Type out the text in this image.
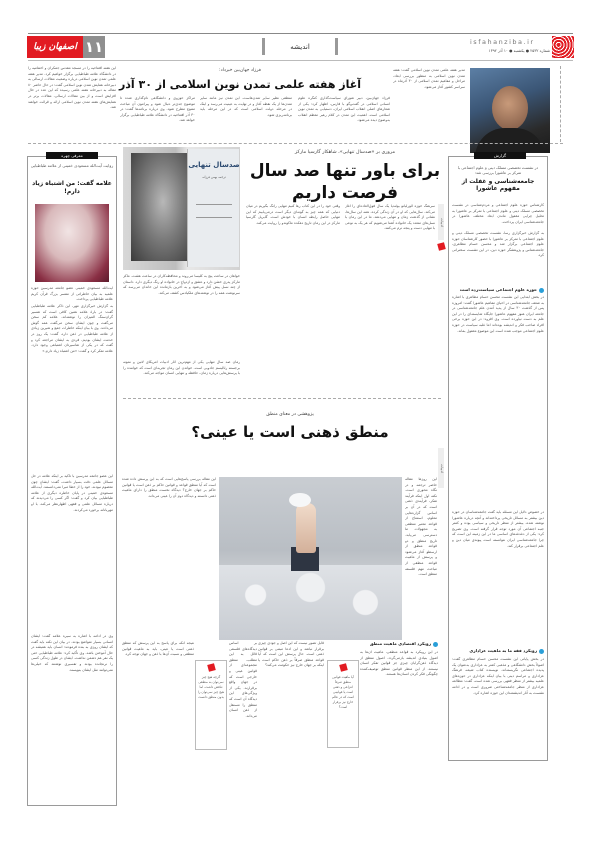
اصفهان زیبا ۱۱	اندیشه
isfahanziba.ir
شماره ۲۵۳۲ ● یکشنبه ● ۱۰ آذر ۱۳۹۲
مدیر هفته علمی تمدن نوین اسلامی گفت: هفته تمدن نوین اسلامی به منظور بررسی ابعاد، مراحل و مفاهیم تمدن اسلامی از ۳۰ آذرماه در سراسر کشور آغاز می‌شود.
فرزاد جهان‌بین خبرداد:
آغاز هفته علمی تمدن نوین اسلامی از ۳۰ آذر
فرزاد جهان‌بین، دبیر شورای سیاست‌گذاری کنگره علوم انسانی اسلامی در گفت‌وگو با فارس، اظهار کرد: یکی از شعارهای اصلی انقلاب اسلامی ایران، دستیابی به تمدن نوین اسلامی است. اهمیت این تمدن در کلام رهبر معظم انقلاب به‌وضوح دیده می‌شود.
منطقی نظیر سایر تمدن‌هاست. این تمدن نیز مانند سایر تمدن‌ها از یک نقطه آغاز و در نهایت به عینیت می‌رسد و اینک در مرحله دولت اسلامی است که در این مرحله باید برنامه‌ریزی شود.
مراکز حوزوی و دانشگاهی نام‌گذاری شده تا موضوع جدی‌تر دنبال شود و پیرامون آن مباحث متنوع مطرح شود. وی درباره برنامه‌ها گفت: در ۳۰ آذر افتتاحیه در دانشگاه علامه طباطبایی برگزار خواهد شد.
این هفته افتتاحیه را در مسجد مقدس جمکران و اختتامیه را در دانشگاه علامه طباطبایی برگزار خواهیم کرد. مدیر هفته علمی تمدن نوین اسلامی درباره وضعیت مقالات ارسالی به دبیرخانه همایش تمدن نوین اسلامی گفت: در حال حاضر ۸۰ مقاله به دبیرخانه هفته علمی رسیده که این عدد در حال افزایش است و از بین مقالات ارسالی، مقالات برتر در همایش‌های هفته تمدن نوین اسلامی ارائه و قرائت خواهند شد.
گزارش
در نشست تخصصی مسلک دینی و علوم اجتماعی با تمرکز بر عاشورا بررسی شد:
جامعه‌شناسی و غفلت از مفهوم عاشورا
کارشناس حوزه علوم اجتماعی و مردم‌شناسی در نشست تخصصی مسلک دینی و علوم اجتماعی با تمرکز بر عاشورا به تحلیل چرایی مغفول ماندن ابعاد مختلف عاشورا در جامعه‌شناسی ایران پرداخت.
به گزارش خبرگزاری رسا، نشست تخصصی مسلک دینی و علوم اجتماعی با تمرکز بر عاشورا با حضور کارشناسان حوزه علوم اجتماعی برگزار شد و محسن حسام مظاهری، جامعه‌شناس و پژوهشگر حوزه دین، در این نشست سخنرانی کرد.
حوزه علوم اجتماعی سیاست‌زده است
در بخش ابتدایی این نشست محسن حسام مظاهری با اشاره به ضعف جامعه‌شناسی در احیای مفاهیم عاشورا گفت: امروزه پس از گذشت ۳۰ سال از پدید آمدن علم جامعه‌شناسی در جامعه ایران هنوز مفهوم عاشورا جایگاه شایسته‌ای را در این علم به دست نیاورده است. وی افزود: در این حوزه برخی افراد صاحب فکر و اندیشه بوده‌اند اما غلبه سیاست در حوزه علوم اجتماعی موجب شده است این موضوع مغفول بماند.
در خصوص دلایل این مسئله باید گفت جامعه‌شناسان در حوزه دین بیشتر به مسائل تاریخی پرداخته‌اند و آنچه درباره عاشورا نوشته شده، بیشتر از منظر تاریخی و سیاسی بوده و کمتر جنبه اجتماعی آن مورد توجه قرار گرفته است. وی تصریح کرد: یکی از دغدغه‌های اساسی ما در این زمینه این است که چرا جامعه‌شناسی ایران نتوانسته است پیوندی میان دین و علم اجتماعی برقرار کند.
رویکرد فقه ما به ماهیت عزاداری
در بخش پایانی این نشست محسن حسام مظاهری گفت: اصولاً بخش دانشگاهی و مذهبی کمتر به عزاداری به‌عنوان یک پدیده اجتماعی نگریسته‌اند. نویسنده کتاب شیعه، فرهنگ عزاداری و مراسم دینی با بیان اینکه عزاداری در حوزه‌های علمیه بیشتر از منظر فقهی بررسی شده است، گفت: مطالعه عزاداری از منظر جامعه‌شناختی ضروری است و در ادامه نشست به آثار اندیشمندان این حوزه اشاره کرد.
مروری بر «صدسال تنهایی»، شاهکار گارسیا مارکز
برای باور تنها صد سال فرصت داریم
ادبیات
سرهنگ خوزه آئورلیانو بوئندیا یک سال فوق‌العاده‌ای را آغاز می‌کند. سال‌هایی که او در آن زندگی کرده، همه این سال‌ها، نشانی از گذشت زمان و تنهایی می‌دهند. ما در این رمان با نسل‌های متعدد یک خانواده آشنا می‌شویم که هر یک به نوعی با تنهایی دست و پنجه نرم می‌کنند.
وقتی خود را در این کتاب رها کنیم تنهایی رانگ بگیریم در میان دنیایی که همه چیز به گونه‌ای دیگر است درمی‌یابیم که این تنهایی حاصل رابطه انسان با خودش است. گابریل گارسیا مارکز در این رمان تاریخ دهکده ماکوندو را روایت می‌کند.
صدسال تنهایی
ترجمه بهمن فرزانه
خواهان در ساعت پنج به کلیسا می‌روند و محافظه‌کاران در ساعت هشت. ماکز مارکز پدری خشن دارد و عشق و ازدواج در خانواده او رنگ دیگری دارد. داستان از چند نسل پیش آغاز می‌شود و به آخرین بازمانده این خاندان می‌رسد که سرنوشت همه را در نوشته‌های ملکیادس کشف می‌کند.
رمان صد سال تنهایی یکی از مهم‌ترین آثار ادبیات آمریکای لاتین و نمونه برجسته رئالیسم جادویی است. خواندن این رمان تجربه‌ای است که خواننده را با پرسش‌هایی درباره زمان، حافظه و تنهایی انسان مواجه می‌کند.
معرفی چهره
روایت آیت‌الله مسعودی خمینی از علامه طباطبایی
علامه گفت: من اشتباه زیاد دارم!
آیت‌الله مسعودی خمینی عضو جامعه مدرسین حوزه علمیه به بیان خاطراتی از مفسر بزرگ قرآن کریم علامه طباطبایی پرداخت.
به گزارش خبرگزاری مهر، این ذاکر علامه طباطبایی گفت: در بارۀ علامه همین کافی است که تفسیر گران‌سنگ المیزان را نوشته‌اند. علامه کم سخن می‌گفت و چون ایشان سخن می‌گفت همه گوش می‌دادند. وی با بیان اینکه خاطرات جمع و شیرین زیادی از علامه طباطبایی در ذهن دارد، گفت: یک روز در خدمت ایشان بودیم، فردی به ایشان مراجعه کرد و گفت که در یکی از تفاسیرتان اشتباهی وجود دارد. علامه تفکر کرد و گفت: «من اشتباه زیاد دارم.»
این عضو جامعه مدرسین با تأکید بر اینکه علامه در حل مسائل علمی دقت بسیار داشت، گفت: ایشان چون معصوم نبودند، خود را از خطا مبرا نمی‌دانستند. آیت‌الله مسعودی خمینی در پایان خاطره دیگری از علامه طباطبایی بیان کرد و گفت: اگر کسی را می‌دیدند که درباره مسائل علمی و فقهی اظهارنظر می‌کند، با او مهربانانه برخورد می‌کردند.
وی در ادامه با اشاره به سیره علامه گفت: ایشان انسانی بسیار متواضع بودند. در بیان این نکته باید گفت که ایشان روزی به بنده فرمودند: انسان باید همیشه در حال آموختن باشد. وی تأکید کرد: علامه طباطبایی حتی یک نفر هم دشمن نداشت. ایشان در طول زندگی کسی را نرنجانده بودند و تفسیری نوشتند که خیلی‌ها نمی‌توانند مثل ایشان بنویسند.
پژوهشی در معنای منطق
منطق ذهنی است یا عینی؟
ادبیات
این روزها مقاله حاضر ترجمه و در نگاه محوری است. نکته اول اینکه فرآیند تفکر، فرآیندی ذهنی است که در آن بر اساس گزاره‌هایی معلوم، استنتاج از قواعد معتبر منطقی به مجهولات ما دسترسی می‌یابد. تاریخ منطق و دو قواعد منطق از ارسطو آغاز می‌شود و پرسش از ماهیت قواعد منطقی از مباحث مهم فلسفه منطق است.
این مقاله بررسی پاسخ‌هایی است که به این پرسش داده شده است که آیا منطق قواعد و قوانین حاکم بر ذهن است یا قوانین حاکم بر جهان خارج؟ دیدگاه نخست منطق را دارای ماهیت ذهنی دانسته و دیدگاه دوم آن را عینی می‌داند.
رویکرد اقتصادی ماهیت منطق
در این رویکرد به قواعد منطقی، ماهیت آن‌ها به اصول بنیادی اندیشه بازمی‌گردد. اصول منطق از دیدگاه ذهن‌گرایان چیزی جز قوانین تفکر انسان نیستند. از این منظر قوانین منطق توصیف‌کننده چگونگی فکر کردن انسان‌ها هستند.
آیا ماهیت قوانین منطق صرفاً انتزاعی و ذهنی است یا قوانینی است که در عالم خارج نیز برقرار است؟
قابل تصور نیست که این اصل و جودی چیزی برقرار نباشد و این ادعا مبتنی بر قوانین ذهنی است. حال پرسش این است که آیا قواعد منطق صرفاً بر ذهن حاکم است یا اینکه بر جهان خارج نیز حکومت می‌کند؟
گرچه هیچ چیز نمی‌توان به منطقی تناقض داشت، اما هیچ چیز نمی‌توان را بدون منطق دانست
بر اساس دیدگاه‌های فلسفی قائل به این مطلب، منطق مجموعه‌ای از قوانین عینی و خارجی است که در جهان واقع برقرارند. یکی از ویژگی‌های این دیدگاه آن است که منطق را مستقل از ذهن انسان می‌داند.
نتیجه آنکه برای پاسخ به این پرسش که منطق ذهنی است یا عینی، باید به ماهیت قوانین منطقی و نسبت آن‌ها با ذهن و جهان توجه کرد.
